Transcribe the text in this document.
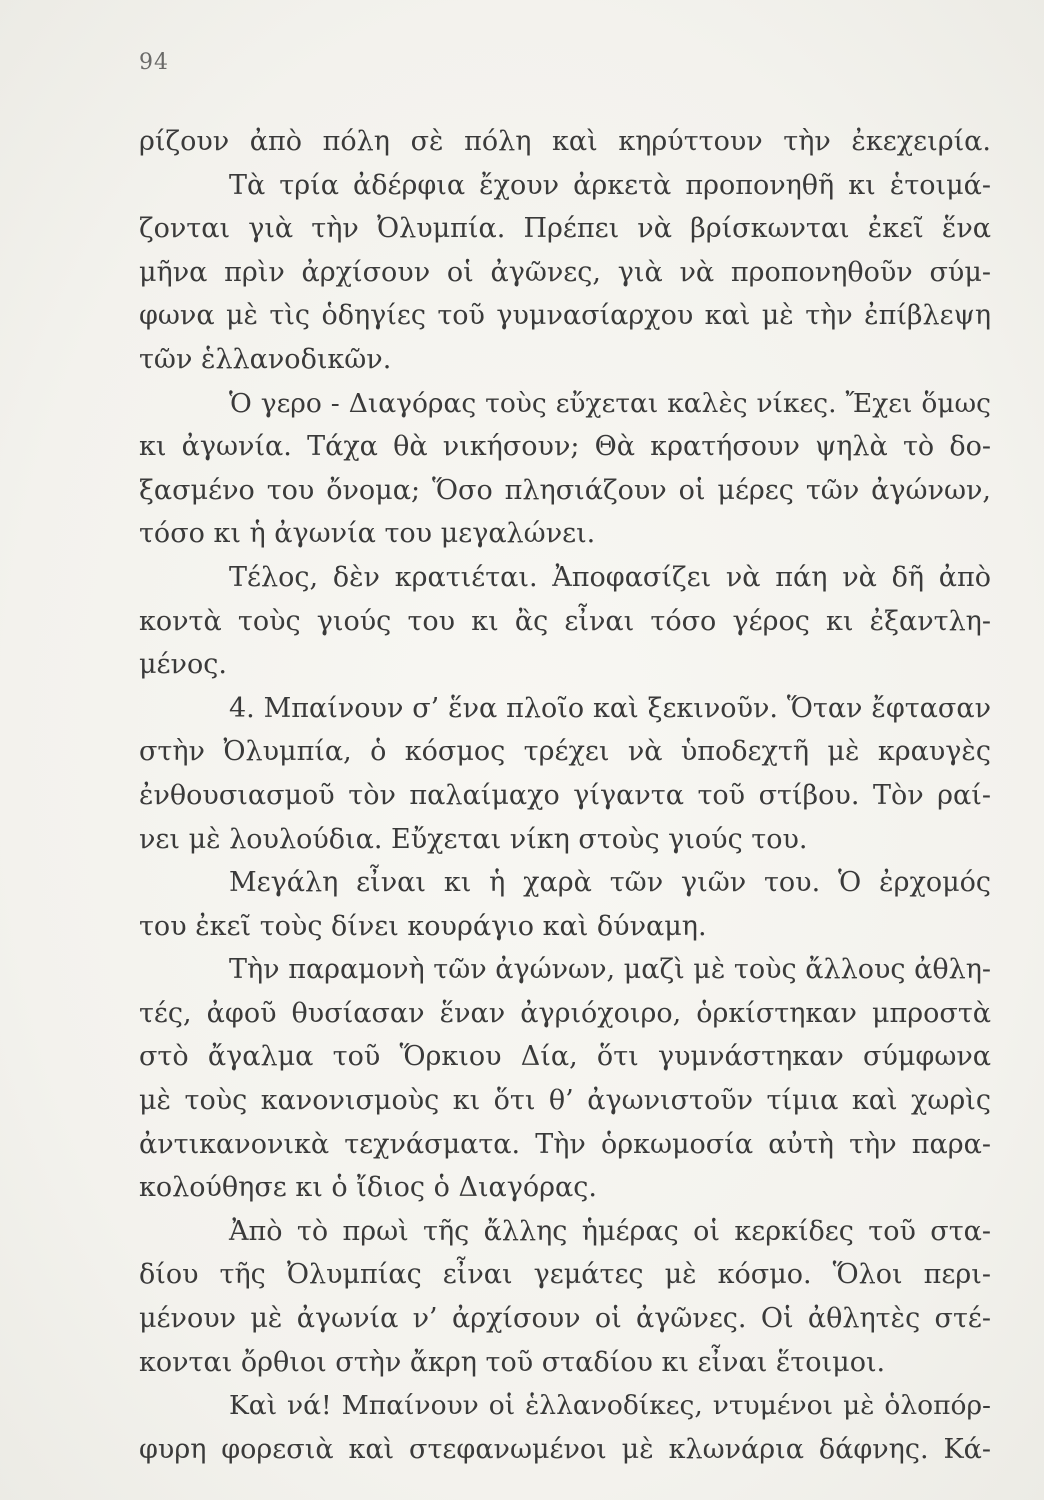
94
ρίζουν ἀπὸ πόλη σὲ πόλη καὶ κηρύττουν τὴν ἐκεχειρία.
Τὰ τρία ἀδέρφια ἔχουν ἀρκετὰ προπονηθῆ κι ἑτοιμά-
ζονται γιὰ τὴν Ὀλυμπία. Πρέπει νὰ βρίσκωνται ἐκεῖ ἕνα
μῆνα πρὶν ἀρχίσουν οἱ ἀγῶνες, γιὰ νὰ προπονηθοῦν σύμ-
φωνα μὲ τὶς ὁδηγίες τοῦ γυμνασίαρχου καὶ μὲ τὴν ἐπίβλεψη
τῶν ἑλλανοδικῶν.
Ὁ γερο - Διαγόρας τοὺς εὔχεται καλὲς νίκες. Ἔχει ὅμως
κι ἀγωνία. Τάχα θὰ νικήσουν; Θὰ κρατήσουν ψηλὰ τὸ δο-
ξασμένο του ὄνομα; Ὅσο πλησιάζουν οἱ μέρες τῶν ἀγώνων,
τόσο κι ἡ ἀγωνία του μεγαλώνει.
Τέλος, δὲν κρατιέται. Ἀποφασίζει νὰ πάη νὰ δῆ ἀπὸ
κοντὰ τοὺς γιούς του κι ἂς εἶναι τόσο γέρος κι ἐξαντλη-
μένος.
4. Μπαίνουν σ’ ἕνα πλοῖο καὶ ξεκινοῦν. Ὅταν ἔφτασαν
στὴν Ὀλυμπία, ὁ κόσμος τρέχει νὰ ὑποδεχτῆ μὲ κραυγὲς
ἐνθουσιασμοῦ τὸν παλαίμαχο γίγαντα τοῦ στίβου. Τὸν ραί-
νει μὲ λουλούδια. Εὔχεται νίκη στοὺς γιούς του.
Μεγάλη εἶναι κι ἡ χαρὰ τῶν γιῶν του. Ὁ ἐρχομός
του ἐκεῖ τοὺς δίνει κουράγιο καὶ δύναμη.
Τὴν παραμονὴ τῶν ἀγώνων, μαζὶ μὲ τοὺς ἄλλους ἀθλη-
τές, ἀφοῦ θυσίασαν ἕναν ἀγριόχοιρο, ὁρκίστηκαν μπροστὰ
στὸ ἄγαλμα τοῦ Ὅρκιου Δία, ὅτι γυμνάστηκαν σύμφωνα
μὲ τοὺς κανονισμοὺς κι ὅτι θ’ ἀγωνιστοῦν τίμια καὶ χωρὶς
ἀντικανονικὰ τεχνάσματα. Τὴν ὁρκωμοσία αὐτὴ τὴν παρα-
κολούθησε κι ὁ ἴδιος ὁ Διαγόρας.
Ἀπὸ τὸ πρωὶ τῆς ἄλλης ἡμέρας οἱ κερκίδες τοῦ στα-
δίου τῆς Ὀλυμπίας εἶναι γεμάτες μὲ κόσμο. Ὅλοι περι-
μένουν μὲ ἀγωνία ν’ ἀρχίσουν οἱ ἀγῶνες. Οἱ ἀθλητὲς στέ-
κονται ὄρθιοι στὴν ἄκρη τοῦ σταδίου κι εἶναι ἕτοιμοι.
Καὶ νά! Μπαίνουν οἱ ἑλλανοδίκες, ντυμένοι μὲ ὁλοπόρ-
φυρη φορεσιὰ καὶ στεφανωμένοι μὲ κλωνάρια δάφνης. Κά-
